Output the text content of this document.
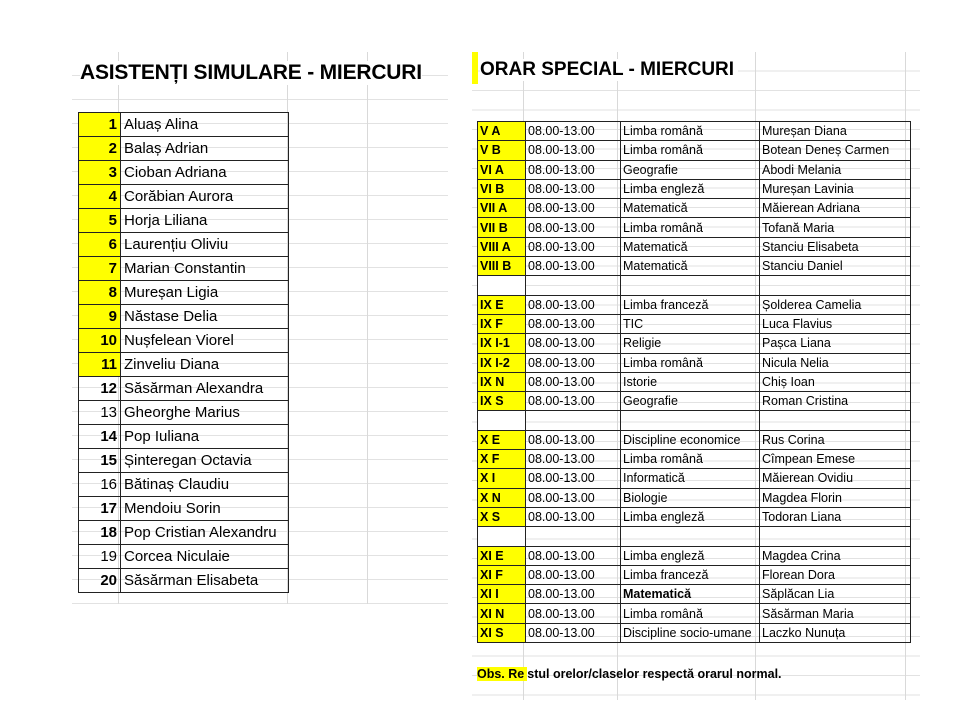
ASISTENȚI SIMULARE - MIERCURI
1	Aluaș Alina
2	Balaș Adrian
3	Cioban Adriana
4	Corăbian Aurora
5	Horja Liliana
6	Laurențiu Oliviu
7	Marian Constantin
8	Mureșan Ligia
9	Năstase Delia
10	Nușfelean Viorel
11	Zinveliu Diana
12	Săsărman Alexandra
13	Gheorghe Marius
14	Pop Iuliana
15	Șinteregan Octavia
16	Bătinaș Claudiu
17	Mendoiu Sorin
18	Pop Cristian Alexandru
19	Corcea Niculaie
20	Săsărman Elisabeta
ORAR SPECIAL - MIERCURI
V A	08.00-13.00	Limba română	Mureșan Diana
V B	08.00-13.00	Limba română	Botean Deneș Carmen
VI A	08.00-13.00	Geografie	Abodi Melania
VI B	08.00-13.00	Limba engleză	Mureșan Lavinia
VII A	08.00-13.00	Matematică	Măierean Adriana
VII B	08.00-13.00	Limba română	Tofană Maria
VIII A	08.00-13.00	Matematică	Stanciu Elisabeta
VIII B	08.00-13.00	Matematică	Stanciu Daniel

IX E	08.00-13.00	Limba franceză	Șolderea Camelia
IX F	08.00-13.00	TIC	Luca Flavius
IX I-1	08.00-13.00	Religie	Pașca Liana
IX I-2	08.00-13.00	Limba română	Nicula Nelia
IX N	08.00-13.00	Istorie	Chiș Ioan
IX S	08.00-13.00	Geografie	Roman Cristina

X E	08.00-13.00	Discipline economice	Rus Corina
X F	08.00-13.00	Limba română	Cîmpean Emese
X I	08.00-13.00	Informatică	Măierean Ovidiu
X N	08.00-13.00	Biologie	Magdea Florin
X S	08.00-13.00	Limba engleză	Todoran Liana

XI E	08.00-13.00	Limba engleză	Magdea Crina
XI F	08.00-13.00	Limba franceză	Florean Dora
XI I	08.00-13.00	Matematică	Săplăcan Lia
XI N	08.00-13.00	Limba română	Săsărman Maria
XI S	08.00-13.00	Discipline socio-umane	Laczko Nunuța
Obs. Re stul orelor/claselor respectă orarul normal.
